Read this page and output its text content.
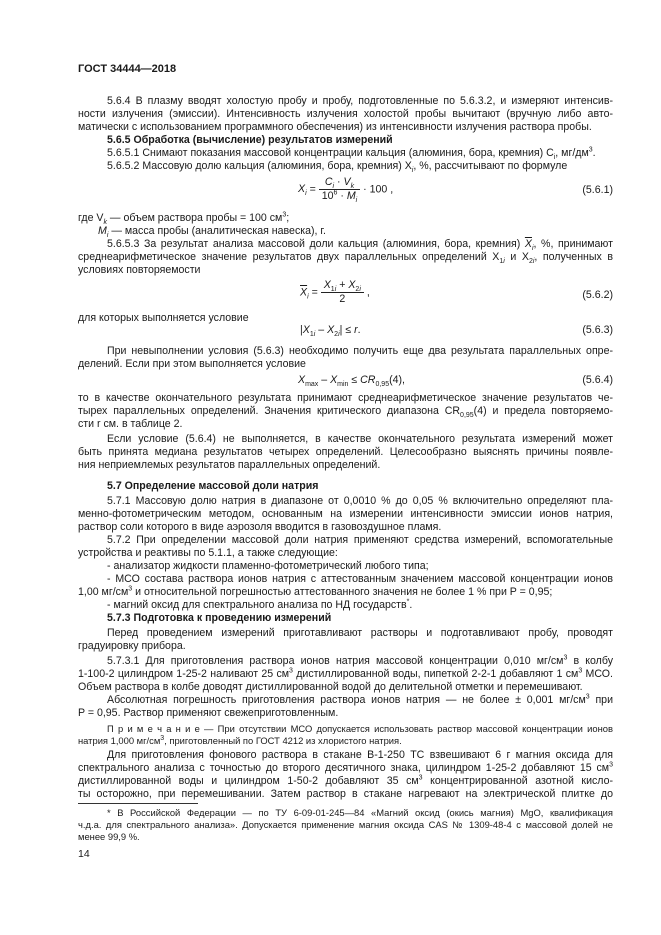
ГОСТ 34444—2018
5.6.4 В плазму вводят холостую пробу и пробу, подготовленные по 5.6.3.2, и измеряют интенсив-
ности излучения (эмиссии). Интенсивность излучения холостой пробы вычитают (вручную либо авто-
матически с использованием программного обеспечения) из интенсивности излучения раствора пробы.
5.6.5 Обработка (вычисление) результатов измерений
5.6.5.1 Снимают показания массовой концентрации кальция (алюминия, бора, кремния) $C_i$, $мг/дм^3$.
5.6.5.2 Массовую долю кальция (алюминия, бора, кремния) $X_i$, %, рассчитывают по формуле
$X_i = \frac{C_i \cdot V_k}{10^6 \cdot M_i} \cdot 100$ ,	(5.6.1)
где $V_k$ — объем раствора пробы = 100 $см^3$;
$M_i$ — масса пробы (аналитическая навеска), г.
5.6.5.3 За результат анализа массовой доли кальция (алюминия, бора, кремния) $\overline{X}_i$, %, принимают
среднеарифметическое значение результатов двух параллельных определений $X_{1i}$ и $X_{2i}$, полученных в
условиях повторяемости
$\overline{X}_i = \frac{X_{1i} + X_{2i}}{2}$ ,	(5.6.2)
для которых выполняется условие
$|X_{1i} - X_{2i}| \le r$.	(5.6.3)
При невыполнении условия (5.6.3) необходимо получить еще два результата параллельных опре-
делений. Если при этом выполняется условие
$X_{max} - X_{min} \le CR_{0,95}(4)$,	(5.6.4)
то в качестве окончательного результата принимают среднеарифметическое значение результатов че-
тырех параллельных определений. Значения критического диапазона $CR_{0,95}(4)$ и предела повторяемо-
сти r см. в таблице 2.
Если условие (5.6.4) не выполняется, в качестве окончательного результата измерений может
быть принята медиана результатов четырех определений. Целесообразно выяснять причины появле-
ния неприемлемых результатов параллельных определений.
5.7 Определение массовой доли натрия
5.7.1 Массовую долю натрия в диапазоне от 0,0010 % до 0,05 % включительно определяют пла-
менно-фотометрическим методом, основанным на измерении интенсивности эмиссии ионов натрия,
раствор соли которого в виде аэрозоля вводится в газовоздушное пламя.
5.7.2 При определении массовой доли натрия применяют средства измерений, вспомогательные
устройства и реактивы по 5.1.1, а также следующие:
- анализатор жидкости пламенно-фотометрический любого типа;
- МСО состава раствора ионов натрия с аттестованным значением массовой концентрации ионов
1,00 $мг/см^3$ и относительной погрешностью аттестованного значения не более 1 % при P = 0,95;
- магний оксид для спектрального анализа по НД государств*.
5.7.3 Подготовка к проведению измерений
Перед проведением измерений приготавливают растворы и подготавливают пробу, проводят
градуировку прибора.
5.7.3.1 Для приготовления раствора ионов натрия массовой концентрации 0,010 $мг/см^3$ в колбу
1-100-2 цилиндром 1-25-2 наливают 25 $см^3$ дистиллированной воды, пипеткой 2-2-1 добавляют 1 $см^3$ МСО.
Объем раствора в колбе доводят дистиллированной водой до делительной отметки и перемешивают.
Абсолютная погрешность приготовления раствора ионов натрия — не более ± 0,001 $мг/см^3$ при
P = 0,95. Раствор применяют свежеприготовленным.
П р и м е ч а н и е — При отсутствии МСО допускается использовать раствор массовой концентрации ионов
натрия 1,000 $мг/см^3$, приготовленный по ГОСТ 4212 из хлористого натрия.
Для приготовления фонового раствора в стакане В-1-250 ТС взвешивают 6 г магния оксида для
спектрального анализа с точностью до второго десятичного знака, цилиндром 1-25-2 добавляют 15 $см^3$
дистиллированной воды и цилиндром 1-50-2 добавляют 35 $см^3$ концентрированной азотной кисло-
ты осторожно, при перемешивании. Затем раствор в стакане нагревают на электрической плитке до
* В Российской Федерации — по ТУ 6-09-01-245—84 «Магний оксид (окись магния) MgO, квалификация
ч.д.а. для спектрального анализа». Допускается применение магния оксида CAS № 1309-48-4 с массовой долей не
менее 99,9 %.
14
